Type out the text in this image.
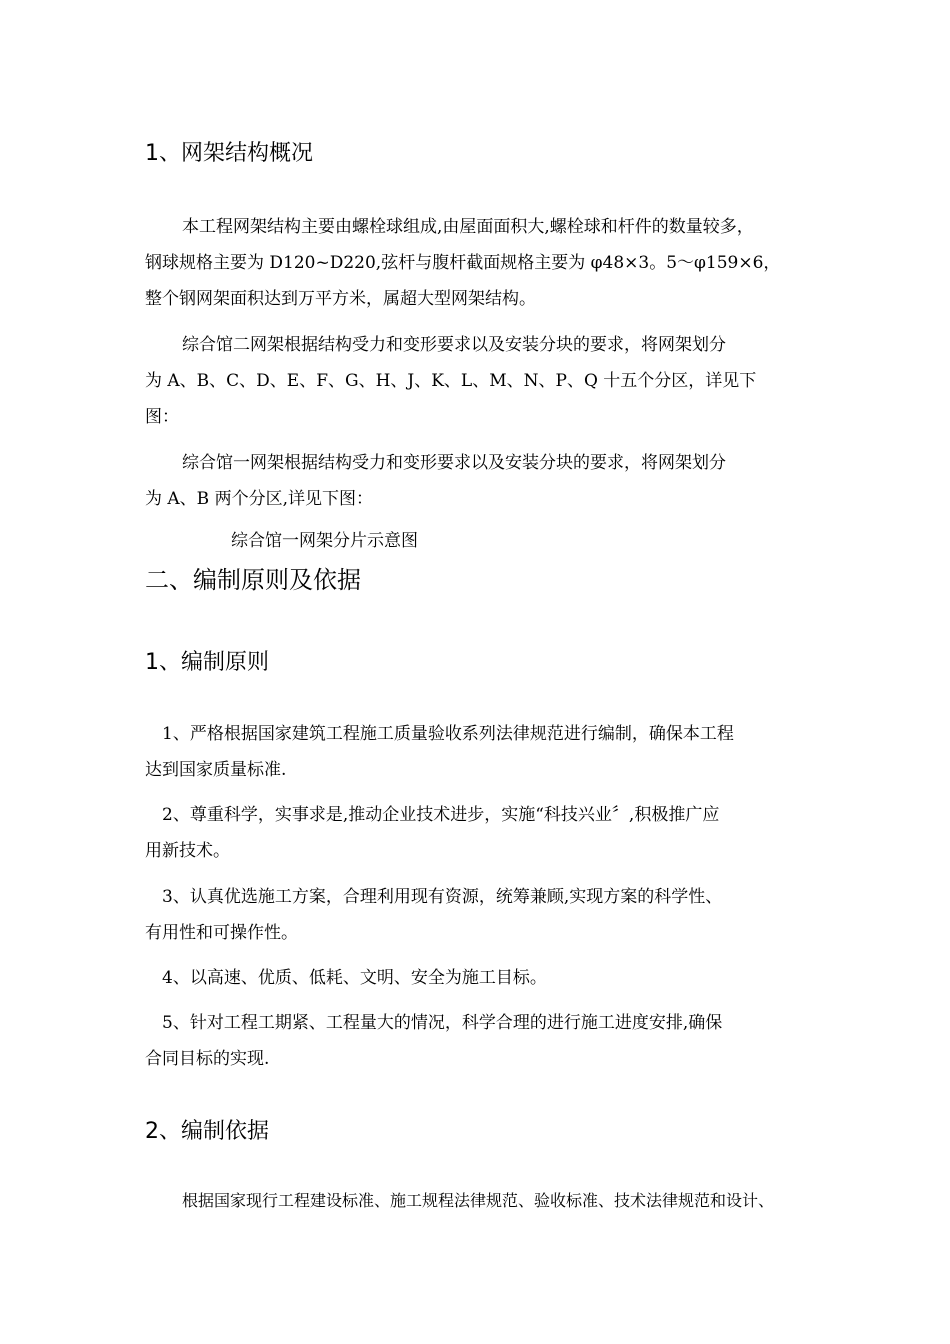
1、网架结构概况
本工程网架结构主要由螺栓球组成,由屋面面积大,螺栓球和杆件的数量较多，
钢球规格主要为 D120~D220,弦杆与腹杆截面规格主要为 φ48×3。5～φ159×6，
整个钢网架面积达到万平方米，属超大型网架结构。
综合馆二网架根据结构受力和变形要求以及安装分块的要求，将网架划分
为 A、B、C、D、E、F、G、H、J、K、L、M、N、P、Q 十五个分区，详见下
图：
综合馆一网架根据结构受力和变形要求以及安装分块的要求，将网架划分
为 A、B 两个分区,详见下图：

综合馆一网架分片示意图

二、编制原则及依据
1、编制原则
1、严格根据国家建筑工程施工质量验收系列法律规范进行编制，确保本工程
达到国家质量标准.
2、尊重科学，实事求是,推动企业技术进步，实施“科技兴业〞,积极推广应
用新技术。
3、认真优选施工方案，合理利用现有资源，统筹兼顾,实现方案的科学性、
有用性和可操作性。
4、以高速、优质、低耗、文明、安全为施工目标。
5、针对工程工期紧、工程量大的情况，科学合理的进行施工进度安排,确保
合同目标的实现.
2、编制依据
根据国家现行工程建设标准、施工规程法律规范、验收标准、技术法律规范和设计、
